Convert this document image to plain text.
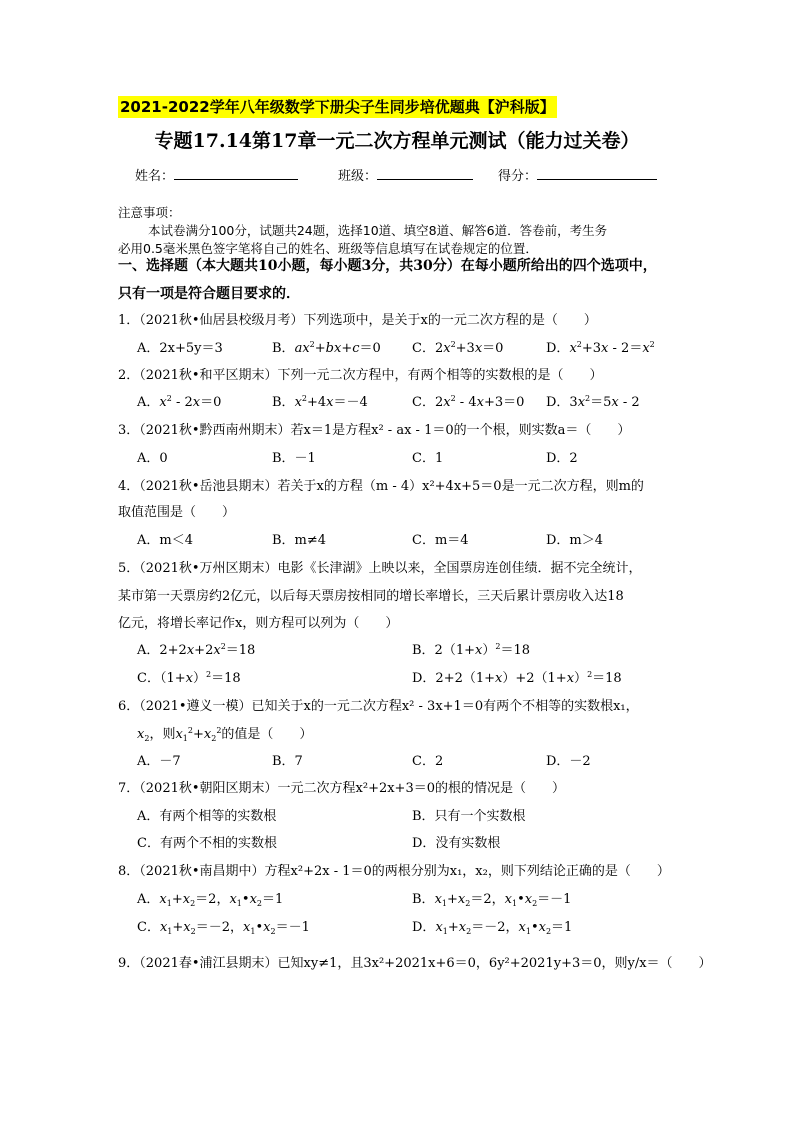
2021-2022学年八年级数学下册尖子生同步培优题典【沪科版】
专题17.14第17章一元二次方程单元测试（能力过关卷）
姓名：	班级：	得分：
注意事项：
本试卷满分100分，试题共24题，选择10道、填空8道、解答6道．答卷前，考生务
必用0.5毫米黑色签字笔将自己的姓名、班级等信息填写在试卷规定的位置．
一、选择题（本大题共10小题，每小题3分，共30分）在每小题所给出的四个选项中，
只有一项是符合题目要求的．
1．（2021秋•仙居县校级月考）下列选项中，是关于x的一元二次方程的是（　　）
A．2x+5y＝3	B．$ax^2+bx+c=0$ C．$2x^2+3x=0$	D．$x^2+3x - 2=x^2$
2．（2021秋•和平区期末）下列一元二次方程中，有两个相等的实数根的是（　　）
A．$x^2 - 2x=0$	B．$x^2+4x=-4$	C．$2x^2 - 4x+3=0$ D．$3x^2=5x - 2$
3．（2021秋•黔西南州期末）若x＝1是方程x² - ax - 1＝0的一个根，则实数a＝（　　）
A．0	B．－1	C．1	D．2
4．（2021秋•岳池县期末）若关于x的方程（m - 4）x²+4x+5＝0是一元二次方程，则m的
取值范围是（　　）
A．m＜4	B．m≠4	C．m＝4	D．m＞4
5．（2021秋•万州区期末）电影《长津湖》上映以来，全国票房连创佳绩．据不完全统计，
某市第一天票房约2亿元，以后每天票房按相同的增长率增长，三天后累计票房收入达18
亿元，将增长率记作x，则方程可以列为（　　）
A．$2+2x+2x^2=18$	B．$2(1+x)^2=18$
C．$(1+x)^2=18$	D．$2+2(1+x)+2(1+x)^2=18$
6．（2021•遵义一模）已知关于x的一元二次方程x² - 3x+1＝0有两个不相等的实数根x₁，
$x_2$，则$x_1^2+x_2^2$的值是（　　）
A．－7	B．7	C．2	D．－2
7．（2021秋•朝阳区期末）一元二次方程x²+2x+3＝0的根的情况是（　　）
A．有两个相等的实数根	B．只有一个实数根
C．有两个不相的实数根	D．没有实数根
8．（2021秋•南昌期中）方程x²+2x - 1＝0的两根分别为x₁，x₂，则下列结论正确的是（　　）
A．$x_1+x_2=2$，$x_1•x_2=1$	B．$x_1+x_2=2$，$x_1•x_2=-1$
C．$x_1+x_2=-2$，$x_1•x_2=-1$	D．$x_1+x_2=-2$，$x_1•x_2=1$
9．（2021春•浦江县期末）已知xy≠1，且3x²+2021x+6＝0，6y²+2021y+3＝0，则y/x＝（　　）
